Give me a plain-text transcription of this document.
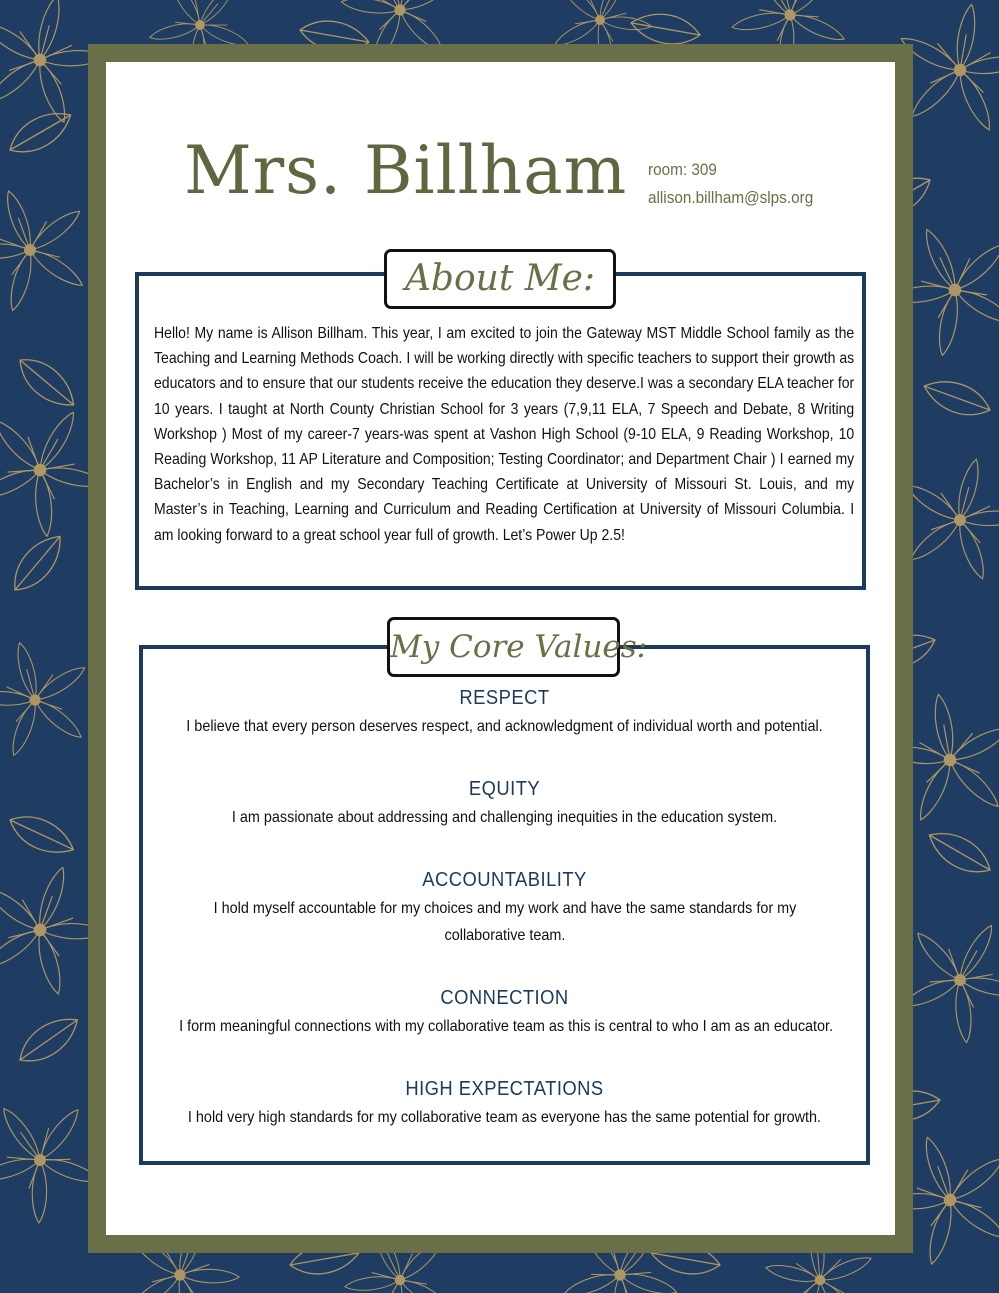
Mrs. Billham room: 309
allison.billham@slps.org
About Me:

Hello! My name is Allison Billham. This year, I am excited to join the Gateway MST Middle School family as the Teaching and Learning Methods Coach. I will be working directly with specific teachers to support their growth as educators and to ensure that our students receive the education they deserve.I was a secondary ELA teacher for 10 years. I taught at North County Christian School for 3 years (7,9,11 ELA, 7 Speech and Debate, 8 Writing Workshop ) Most of my career-7 years-was spent at Vashon High School (9-10 ELA, 9 Reading Workshop, 10 Reading Workshop, 11 AP Literature and Composition; Testing Coordinator; and Department Chair ) I earned my Bachelor’s in English and my Secondary Teaching Certificate at University of Missouri St. Louis, and my Master’s in Teaching, Learning and Curriculum and Reading Certification at University of Missouri Columbia. I am looking forward to a great school year full of growth. Let’s Power Up 2.5!

My Core Values:
RESPECT
I believe that every person deserves respect, and acknowledgment of individual worth and potential.
EQUITY
I am passionate about addressing and challenging inequities in the education system.
ACCOUNTABILITY
I hold myself accountable for my choices and my work and have the same standards for my collaborative team.
CONNECTION
I form meaningful connections with my collaborative team as this is central to who I am as an educator.
HIGH EXPECTATIONS
I hold very high standards for my collaborative team as everyone has the same potential for growth.
